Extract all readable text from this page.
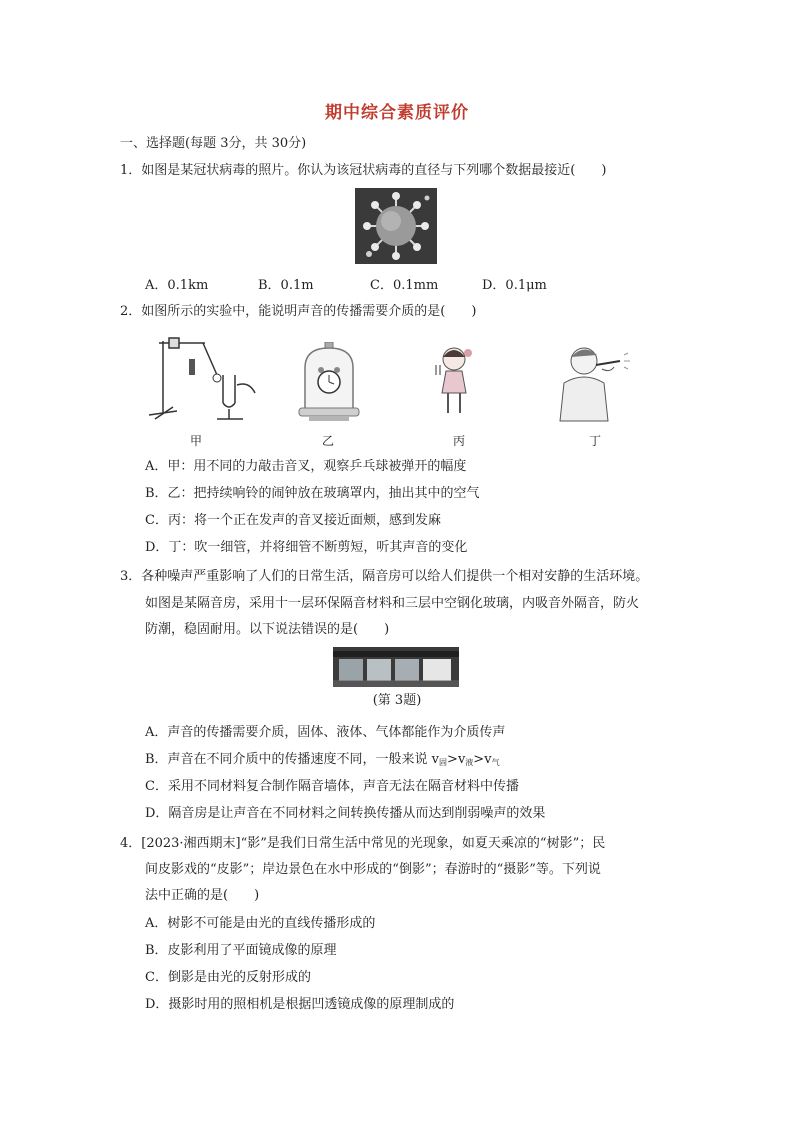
期中综合素质评价
一、选择题(每题 3分，共 30分)
1．如图是某冠状病毒的照片。你认为该冠状病毒的直径与下列哪个数据最接近(　　)
A．0.1km	B．0.1m	C．0.1mm	D．0.1μm
2．如图所示的实验中，能说明声音的传播需要介质的是(　　)
甲	乙	丙	丁
A．甲：用不同的力敲击音叉，观察乒乓球被弹开的幅度
B．乙：把持续响铃的闹钟放在玻璃罩内，抽出其中的空气
C．丙：将一个正在发声的音叉接近面颊，感到发麻
D．丁：吹一细管，并将细管不断剪短，听其声音的变化
3．各种噪声严重影响了人们的日常生活，隔音房可以给人们提供一个相对安静的生活环境。
如图是某隔音房，采用十一层环保隔音材料和三层中空钢化玻璃，内吸音外隔音，防火
防潮，稳固耐用。以下说法错误的是(　　)
(第 3题)
A．声音的传播需要介质，固体、液体、气体都能作为介质传声
B．声音在不同介质中的传播速度不同，一般来说 $v_固>v_液>v_气$
C．采用不同材料复合制作隔音墙体，声音无法在隔音材料中传播
D．隔音房是让声音在不同材料之间转换传播从而达到削弱噪声的效果
4．[2023·湘西期末]“影”是我们日常生活中常见的光现象，如夏天乘凉的“树影”；民
间皮影戏的“皮影”；岸边景色在水中形成的“倒影”；春游时的“摄影”等。下列说
法中正确的是(　　)
A．树影不可能是由光的直线传播形成的
B．皮影利用了平面镜成像的原理
C．倒影是由光的反射形成的
D．摄影时用的照相机是根据凹透镜成像的原理制成的
